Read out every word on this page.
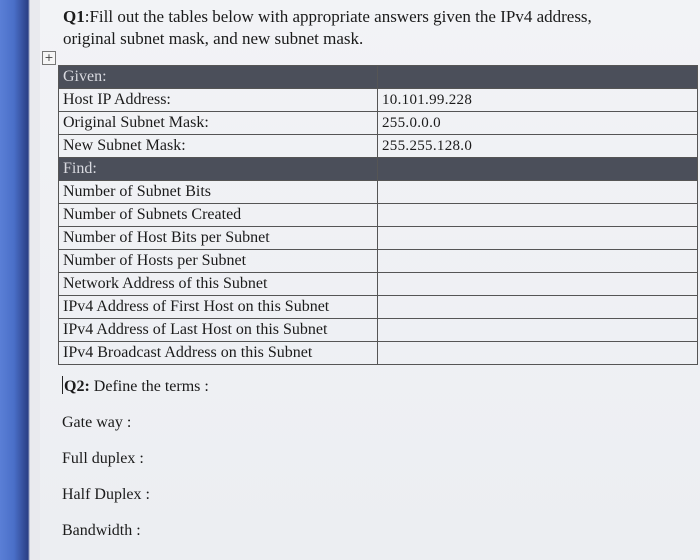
Q1:Fill out the tables below with appropriate answers given the IPv4 address,
original subnet mask, and new subnet mask.
+
Given:	
Host IP Address:	10.101.99.228
Original Subnet Mask:	255.0.0.0
New Subnet Mask:	255.255.128.0
Find:	
Number of Subnet Bits	
Number of Subnets Created	
Number of Host Bits per Subnet	
Number of Hosts per Subnet	
Network Address of this Subnet	
IPv4 Address of First Host on this Subnet	
IPv4 Address of Last Host on this Subnet	
IPv4 Broadcast Address on this Subnet	
Q2: Define the terms :
Gate way :
Full duplex :
Half Duplex :
Bandwidth :
